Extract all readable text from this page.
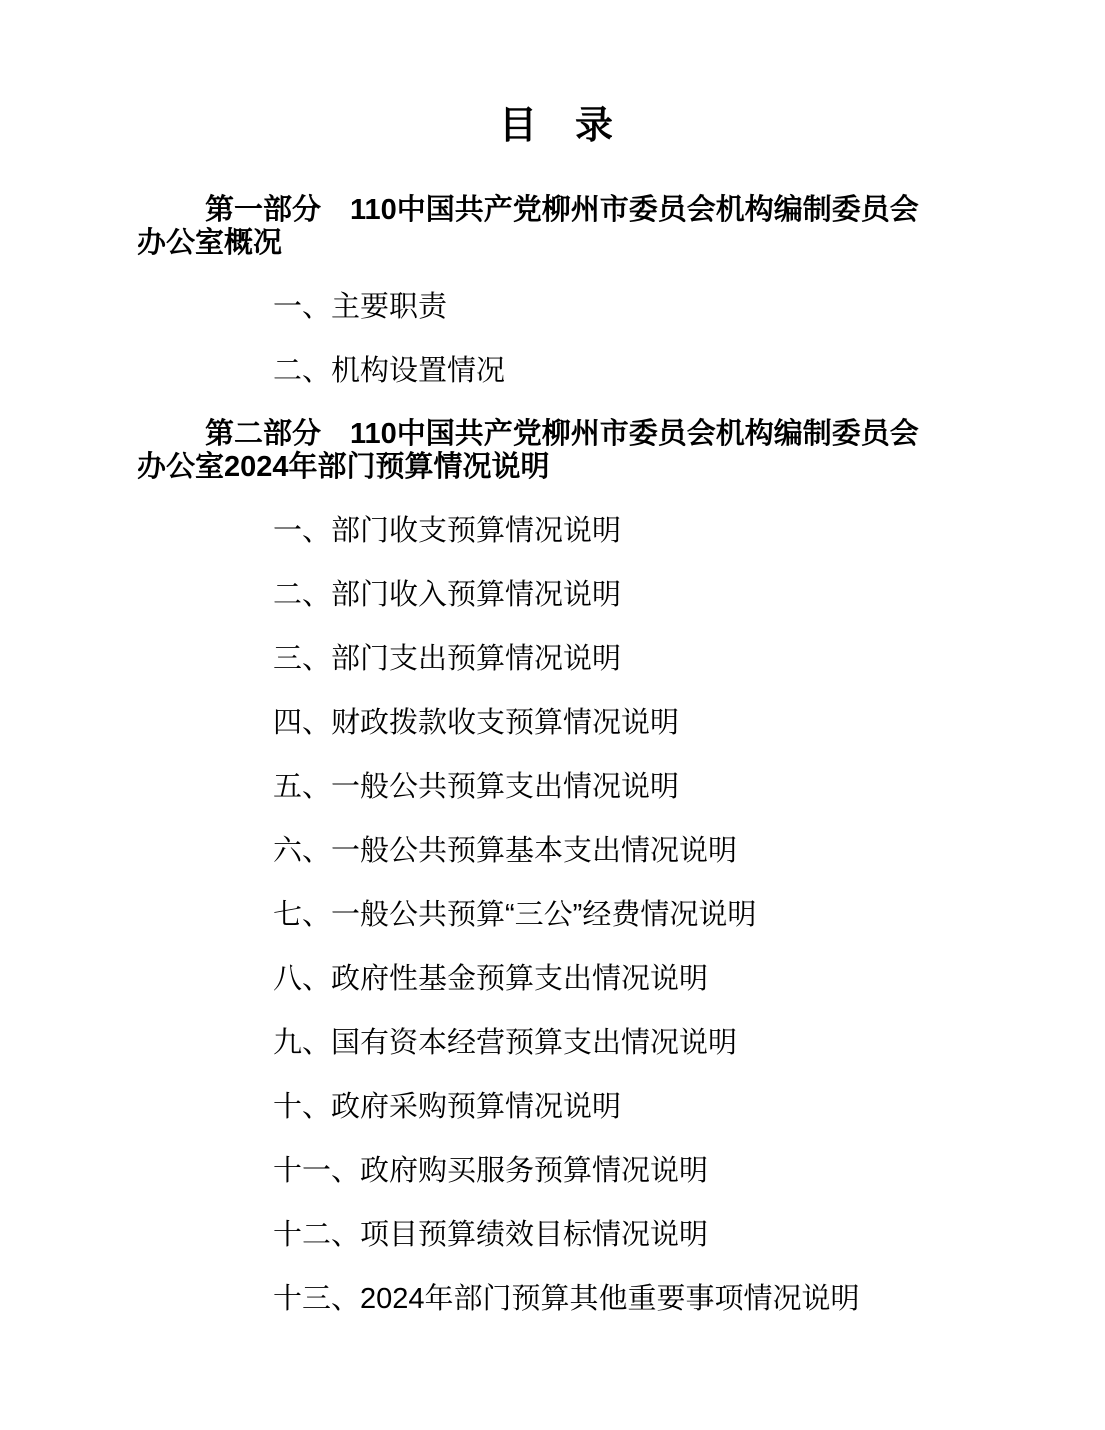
目　录
第一部分　110中国共产党柳州市委员会机构编制委员会
办公室概况

一、主要职责

二、机构设置情况

第二部分　110中国共产党柳州市委员会机构编制委员会
办公室2024年部门预算情况说明

一、部门收支预算情况说明

二、部门收入预算情况说明

三、部门支出预算情况说明

四、财政拨款收支预算情况说明

五、一般公共预算支出情况说明

六、一般公共预算基本支出情况说明

七、一般公共预算“三公”经费情况说明

八、政府性基金预算支出情况说明

九、国有资本经营预算支出情况说明

十、政府采购预算情况说明

十一、政府购买服务预算情况说明

十二、项目预算绩效目标情况说明

十三、2024年部门预算其他重要事项情况说明
